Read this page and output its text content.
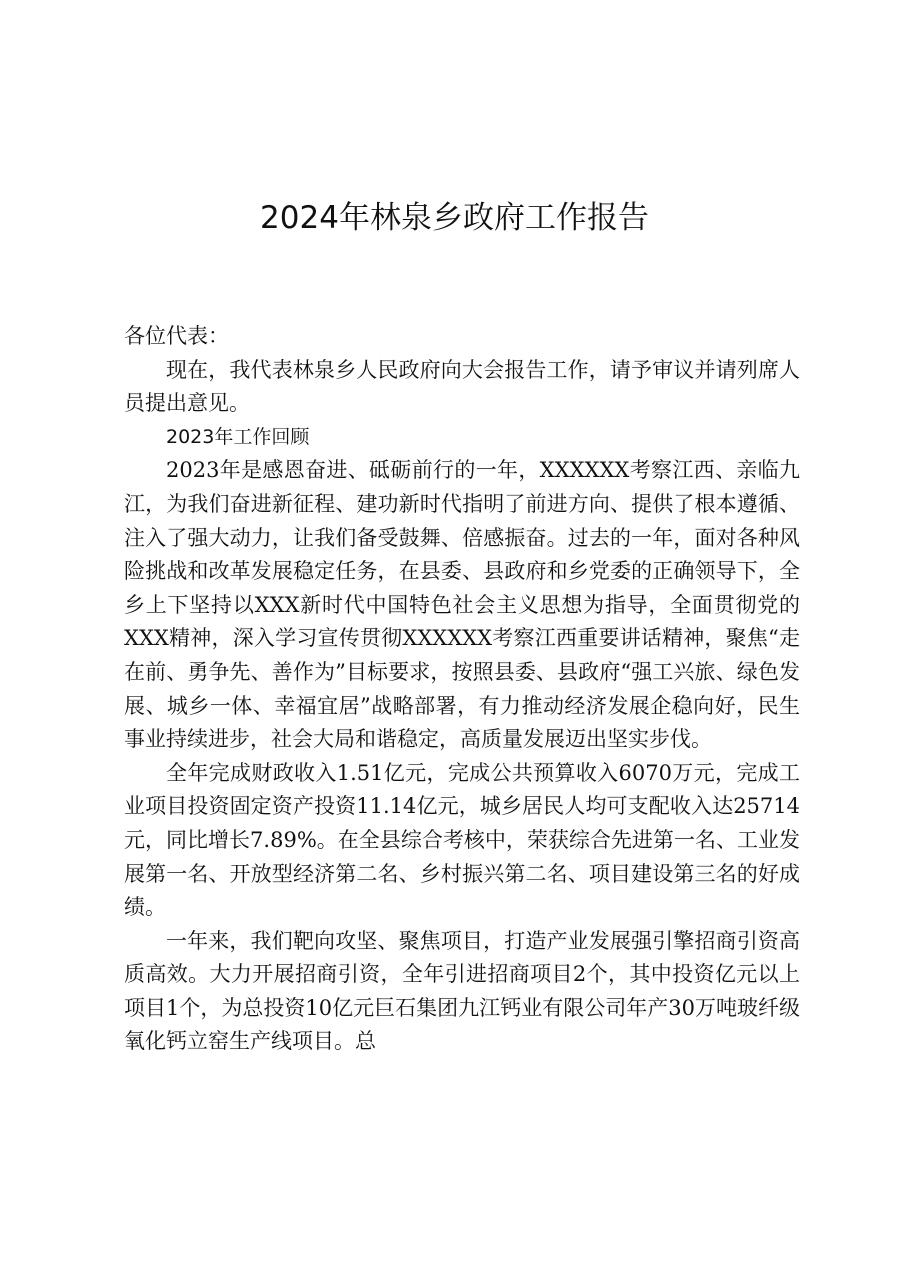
2024年林泉乡政府工作报告

各位代表：

现在，我代表林泉乡人民政府向大会报告工作，请予审议并请列席人员提出意见。

2023年工作回顾

2023年是感恩奋进、砥砺前行的一年，XXXXXX考察江西、亲临九江，为我们奋进新征程、建功新时代指明了前进方向、提供了根本遵循、注入了强大动力，让我们备受鼓舞、倍感振奋。过去的一年，面对各种风险挑战和改革发展稳定任务，在县委、县政府和乡党委的正确领导下，全乡上下坚持以XXX新时代中国特色社会主义思想为指导，全面贯彻党的XXX精神，深入学习宣传贯彻XXXXXX考察江西重要讲话精神，聚焦“走在前、勇争先、善作为”目标要求，按照县委、县政府“强工兴旅、绿色发展、城乡一体、幸福宜居”战略部署，有力推动经济发展企稳向好，民生事业持续进步，社会大局和谐稳定，高质量发展迈出坚实步伐。

全年完成财政收入1.51亿元，完成公共预算收入6070万元，完成工业项目投资固定资产投资11.14亿元，城乡居民人均可支配收入达25714元，同比增长7.89%。在全县综合考核中，荣获综合先进第一名、工业发展第一名、开放型经济第二名、乡村振兴第二名、项目建设第三名的好成绩。

一年来，我们靶向攻坚、聚焦项目，打造产业发展强引擎招商引资高质高效。大力开展招商引资，全年引进招商项目2个，其中投资亿元以上项目1个，为总投资10亿元巨石集团九江钙业有限公司年产30万吨玻纤级氧化钙立窑生产线项目。总
